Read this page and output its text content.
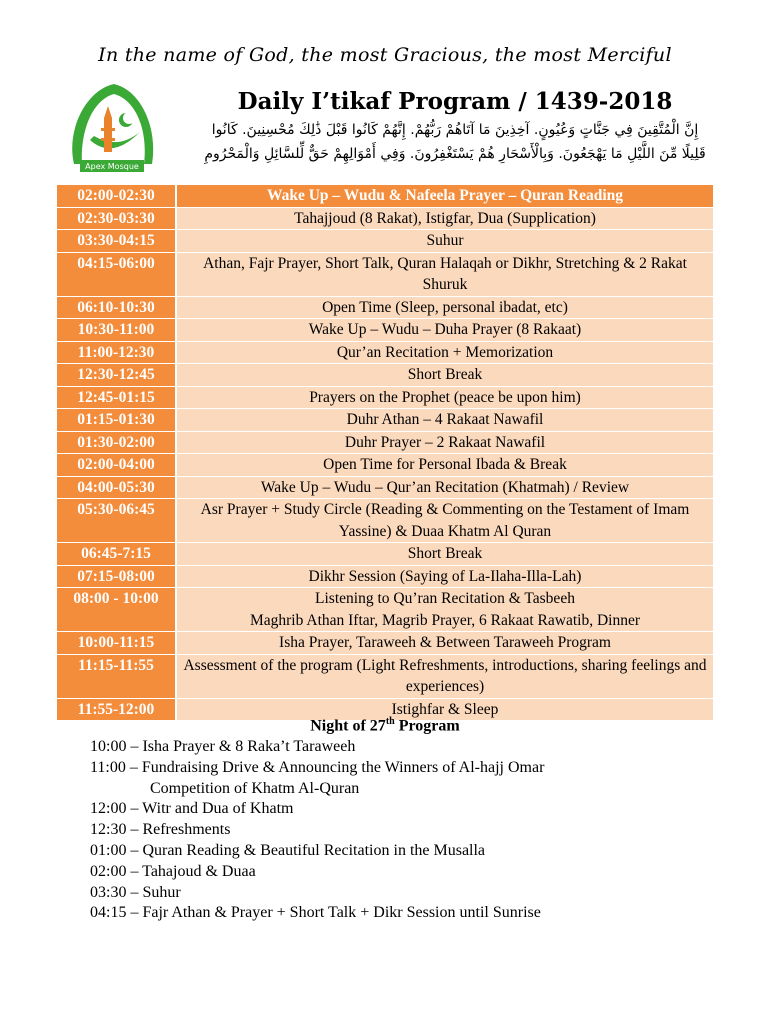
In the name of God, the most Gracious, the most Merciful
Apex Mosque
Daily I’tikaf Program / 1439-2018
إِنَّ الْمُتَّقِينَ فِي جَنَّاتٍ وَعُيُونٍ. آخِذِينَ مَا آتَاهُمْ رَبُّهُمْ. إِنَّهُمْ كَانُوا قَبْلَ ذَٰلِكَ مُحْسِنِينَ. كَانُوا
قَلِيلًا مِّنَ اللَّيْلِ مَا يَهْجَعُونَ. وَبِالْأَسْحَارِ هُمْ يَسْتَغْفِرُونَ. وَفِي أَمْوَالِهِمْ حَقٌّ لِّلسَّائِلِ وَالْمَحْرُومِ
02:00-02:30	Wake Up – Wudu & Nafeela Prayer – Quran Reading

02:30-03:30	Tahajjoud (8 Rakat), Istigfar, Dua (Supplication)

03:30-04:15	Suhur

04:15-06:00	Athan, Fajr Prayer, Short Talk, Quran Halaqah or Dikhr, Stretching & 2 Rakat Shuruk

06:10-10:30	Open Time (Sleep, personal ibadat, etc)

10:30-11:00	Wake Up – Wudu – Duha Prayer (8 Rakaat)

11:00-12:30	Qur’an Recitation + Memorization

12:30-12:45	Short Break

12:45-01:15	Prayers on the Prophet (peace be upon him)

01:15-01:30	Duhr Athan – 4 Rakaat Nawafil

01:30-02:00	Duhr Prayer – 2 Rakaat Nawafil

02:00-04:00	Open Time for Personal Ibada & Break

04:00-05:30	Wake Up – Wudu – Qur’an Recitation (Khatmah) / Review

05:30-06:45	Asr Prayer + Study Circle (Reading & Commenting on the Testament of Imam Yassine) & Duaa Khatm Al Quran

06:45-7:15	Short Break

07:15-08:00	Dikhr Session (Saying of La-Ilaha-Illa-Lah)

08:00 - 10:00	Listening to Qu’ran Recitation & Tasbeeh
Maghrib Athan Iftar, Magrib Prayer, 6 Rakaat Rawatib, Dinner

10:00-11:15	Isha Prayer, Taraweeh & Between Taraweeh Program

11:15-11:55	Assessment of the program (Light Refreshments, introductions, sharing feelings and experiences)

11:55-12:00	Istighfar & Sleep
Night of 27th Program
10:00 – Isha Prayer & 8 Raka’t Taraweeh
11:00 – Fundraising Drive & Announcing the Winners of Al-hajj Omar
Competition of Khatm Al-Quran
12:00 – Witr and Dua of Khatm
12:30 – Refreshments
01:00 – Quran Reading & Beautiful Recitation in the Musalla
02:00 – Tahajoud & Duaa
03:30 – Suhur
04:15 – Fajr Athan & Prayer + Short Talk + Dikr Session until Sunrise
